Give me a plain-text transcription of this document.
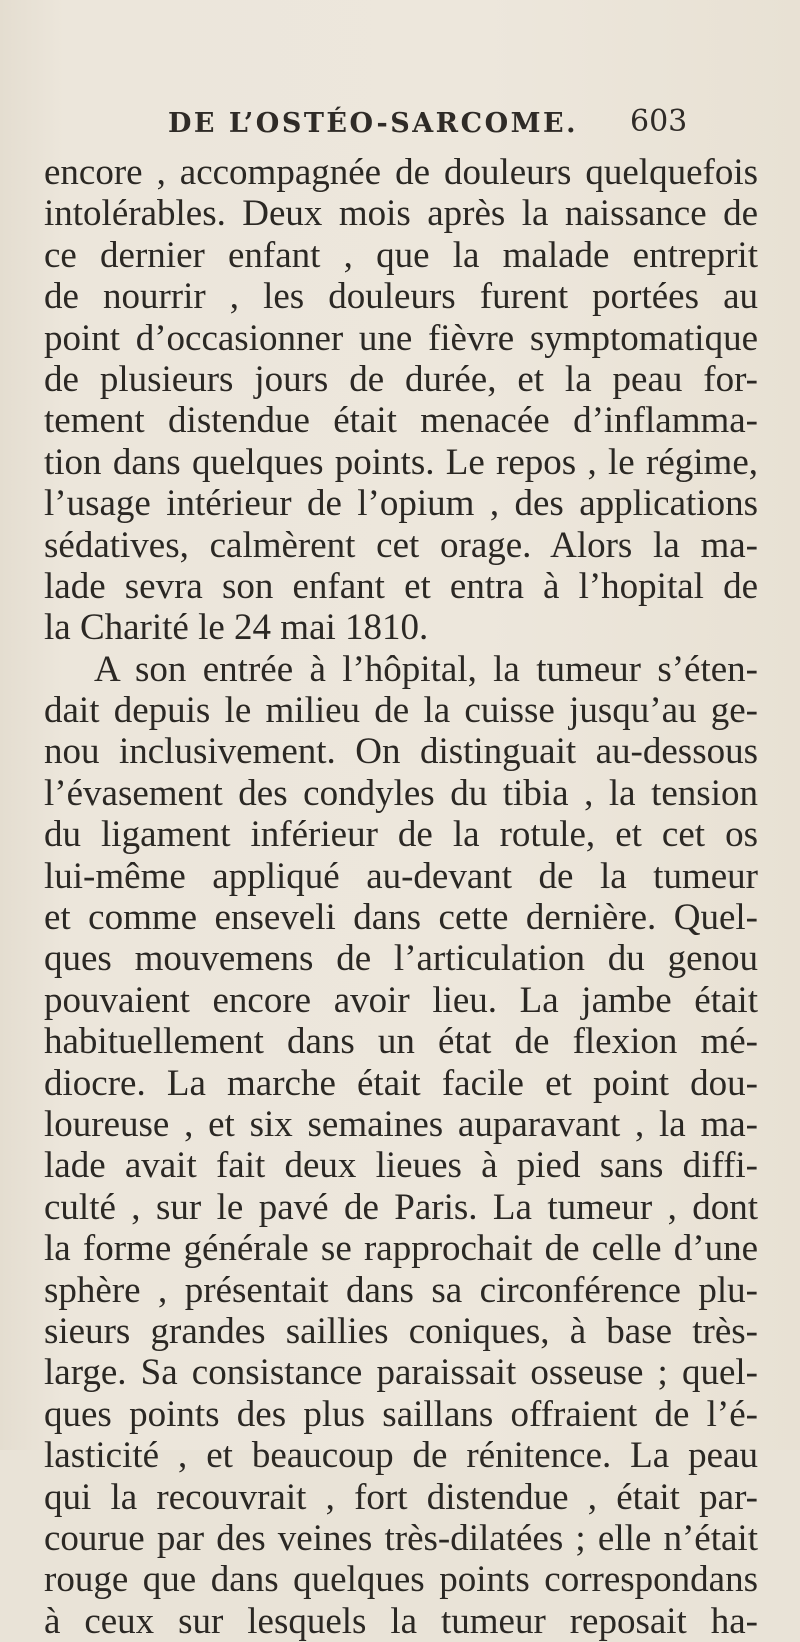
DE L’OSTÉO-SARCOME. 603
encore , accompagnée de douleurs quelquefois
intolérables. Deux mois après la naissance de
ce dernier enfant , que la malade entreprit
de nourrir , les douleurs furent portées au
point d’occasionner une fièvre symptomatique
de plusieurs jours de durée, et la peau for-
tement distendue était menacée d’inflamma-
tion dans quelques points. Le repos , le régime,
l’usage intérieur de l’opium , des applications
sédatives, calmèrent cet orage. Alors la ma-
lade sevra son enfant et entra à l’hopital de
la Charité le 24 mai 1810.
A son entrée à l’hôpital, la tumeur s’éten-
dait depuis le milieu de la cuisse jusqu’au ge-
nou inclusivement. On distinguait au-dessous
l’évasement des condyles du tibia , la tension
du ligament inférieur de la rotule, et cet os
lui-même appliqué au-devant de la tumeur
et comme enseveli dans cette dernière. Quel-
ques mouvemens de l’articulation du genou
pouvaient encore avoir lieu. La jambe était
habituellement dans un état de flexion mé-
diocre. La marche était facile et point dou-
loureuse , et six semaines auparavant , la ma-
lade avait fait deux lieues à pied sans diffi-
culté , sur le pavé de Paris. La tumeur , dont
la forme générale se rapprochait de celle d’une
sphère , présentait dans sa circonférence plu-
sieurs grandes saillies coniques, à base très-
large. Sa consistance paraissait osseuse ; quel-
ques points des plus saillans offraient de l’é-
lasticité , et beaucoup de rénitence. La peau
qui la recouvrait , fort distendue , était par-
courue par des veines très-dilatées ; elle n’était
rouge que dans quelques points correspondans
à ceux sur lesquels la tumeur reposait ha-
